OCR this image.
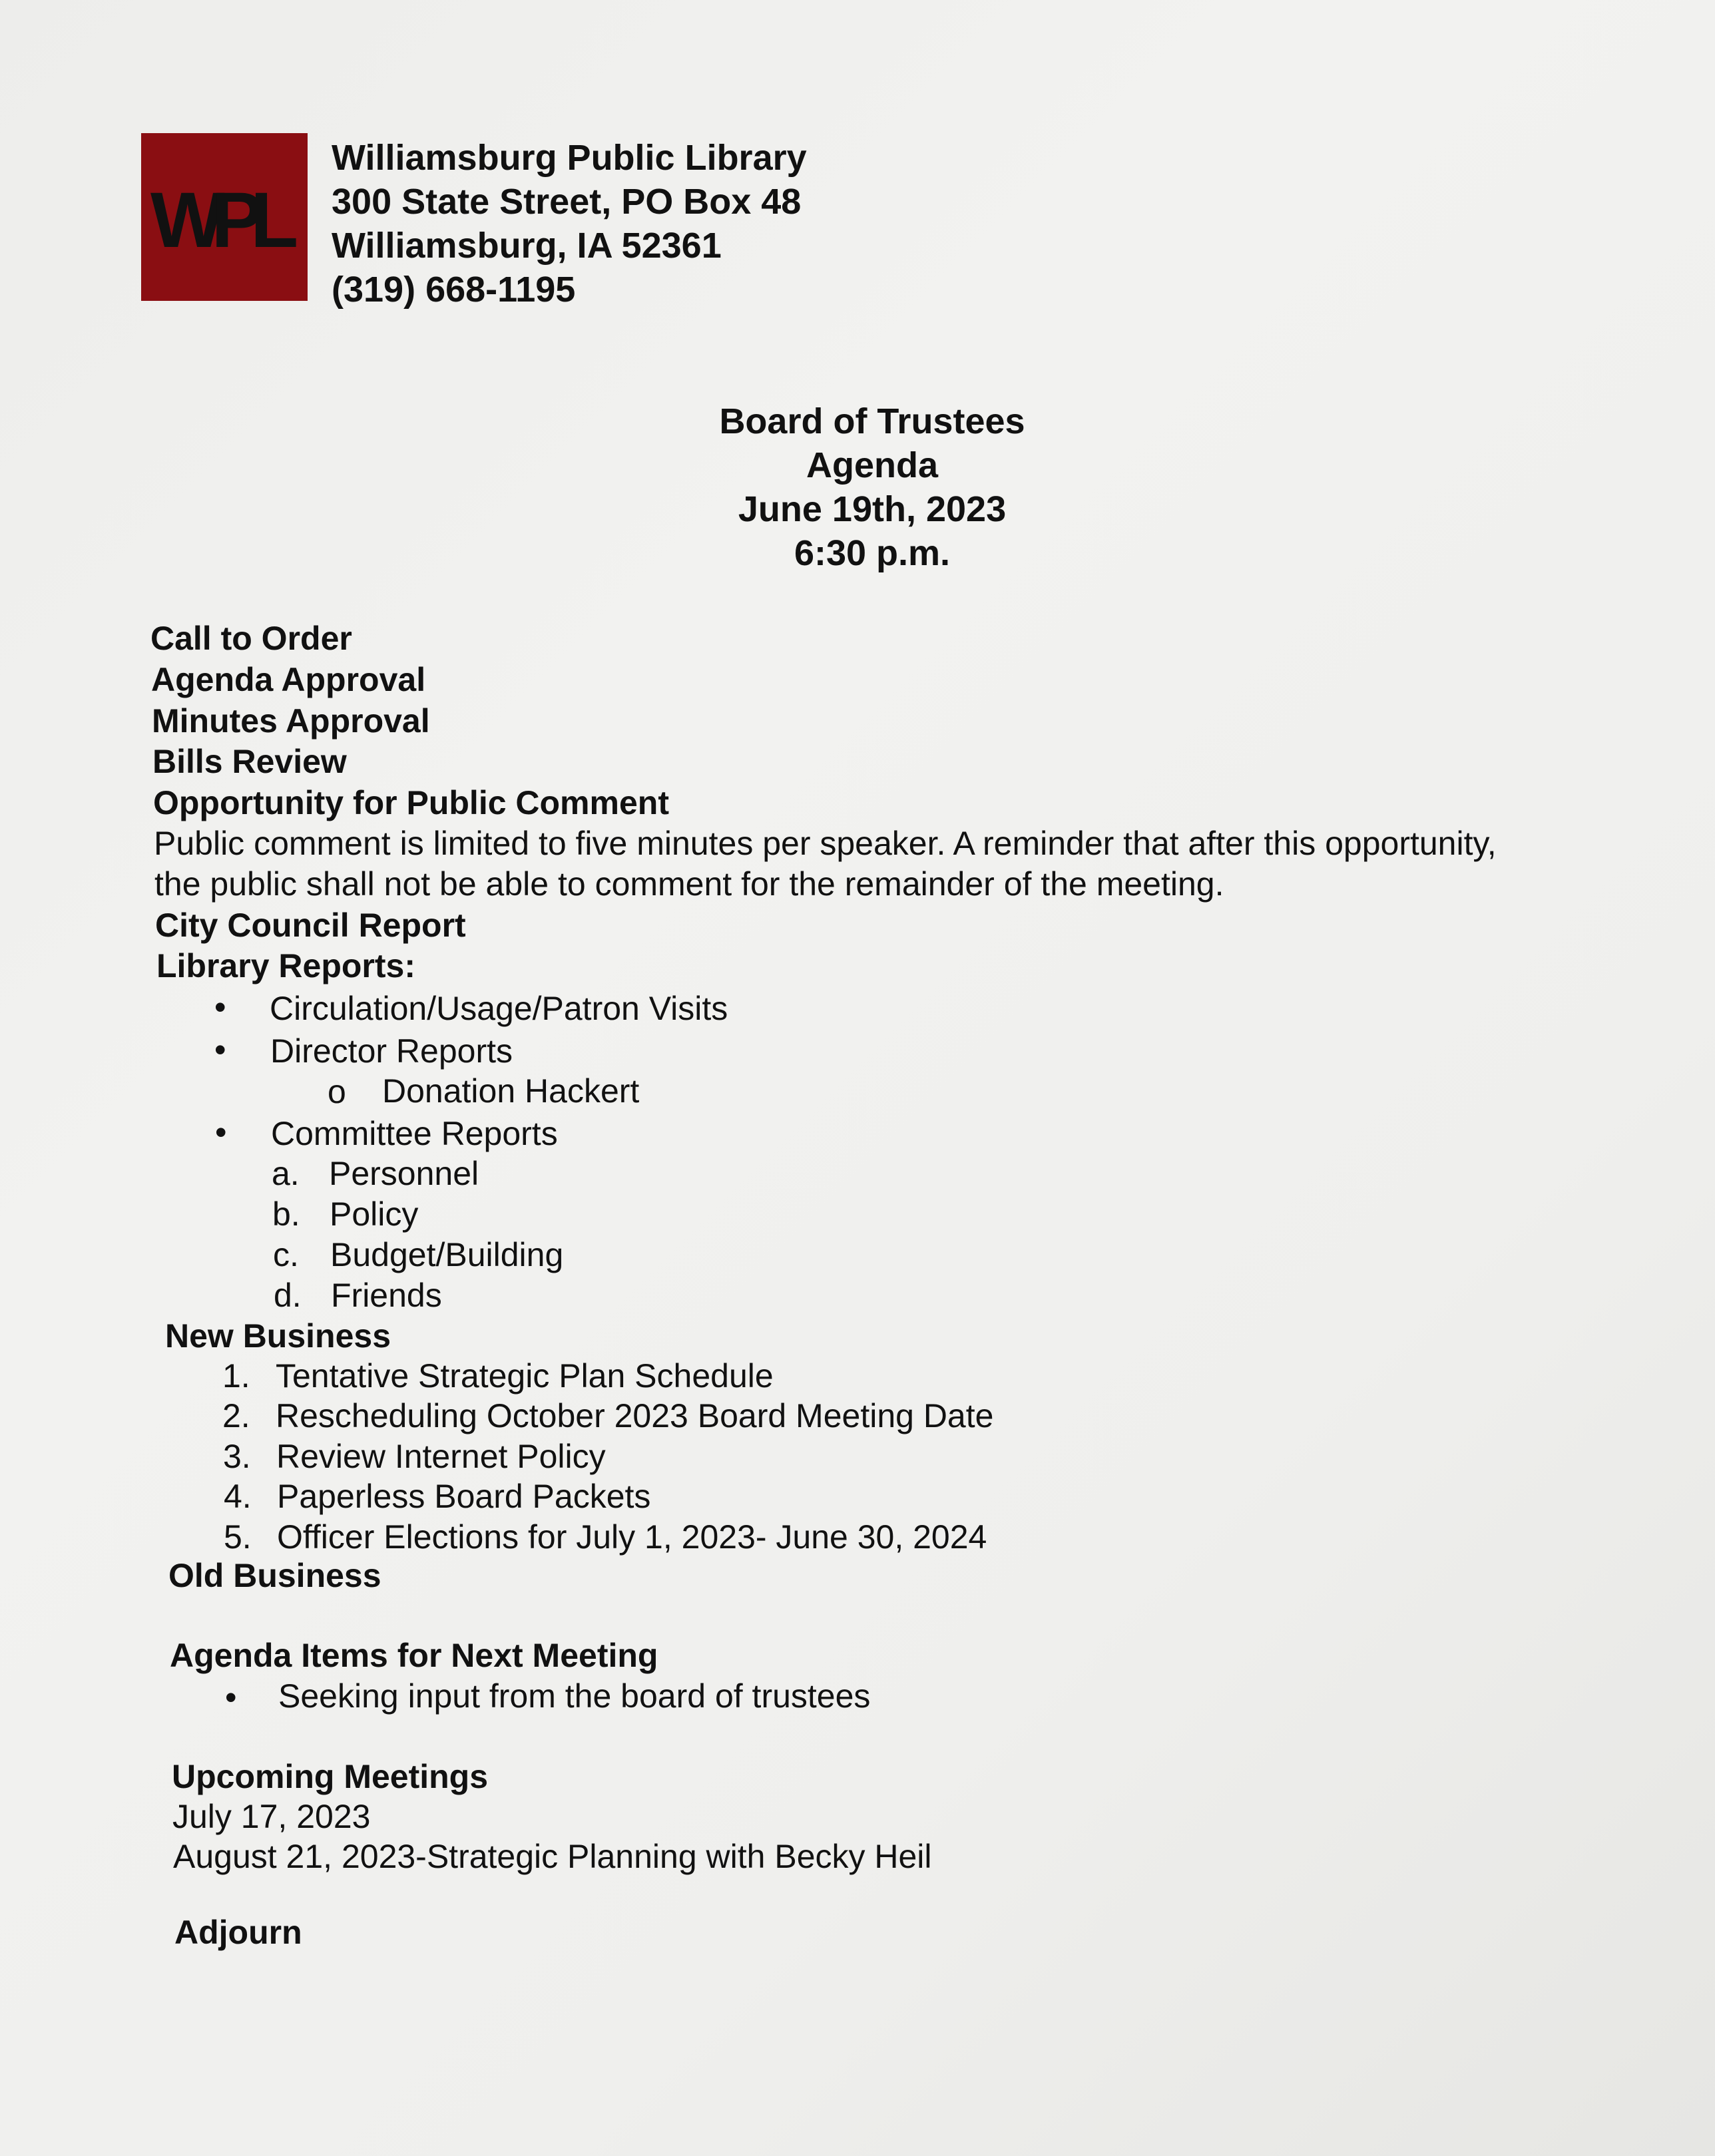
WPL
Williamsburg Public Library
300 State Street, PO Box 48
Williamsburg, IA 52361
(319) 668-1195
Board of Trustees
Agenda
June 19th, 2023
6:30 p.m.
Call to Order
Agenda Approval
Minutes Approval
Bills Review
Opportunity for Public Comment
Public comment is limited to five minutes per speaker. A reminder that after this opportunity,
the public shall not be able to comment for the remainder of the meeting.
City Council Report
Library Reports:
• Circulation/Usage/Patron Visits
• Director Reports
o Donation Hackert
• Committee Reports
a. Personnel
b. Policy
c. Budget/Building
d. Friends
New Business
1. Tentative Strategic Plan Schedule
2. Rescheduling October 2023 Board Meeting Date
3. Review Internet Policy
4. Paperless Board Packets
5. Officer Elections for July 1, 2023- June 30, 2024
Old Business
Agenda Items for Next Meeting
• Seeking input from the board of trustees
Upcoming Meetings
July 17, 2023
August 21, 2023-Strategic Planning with Becky Heil
Adjourn
